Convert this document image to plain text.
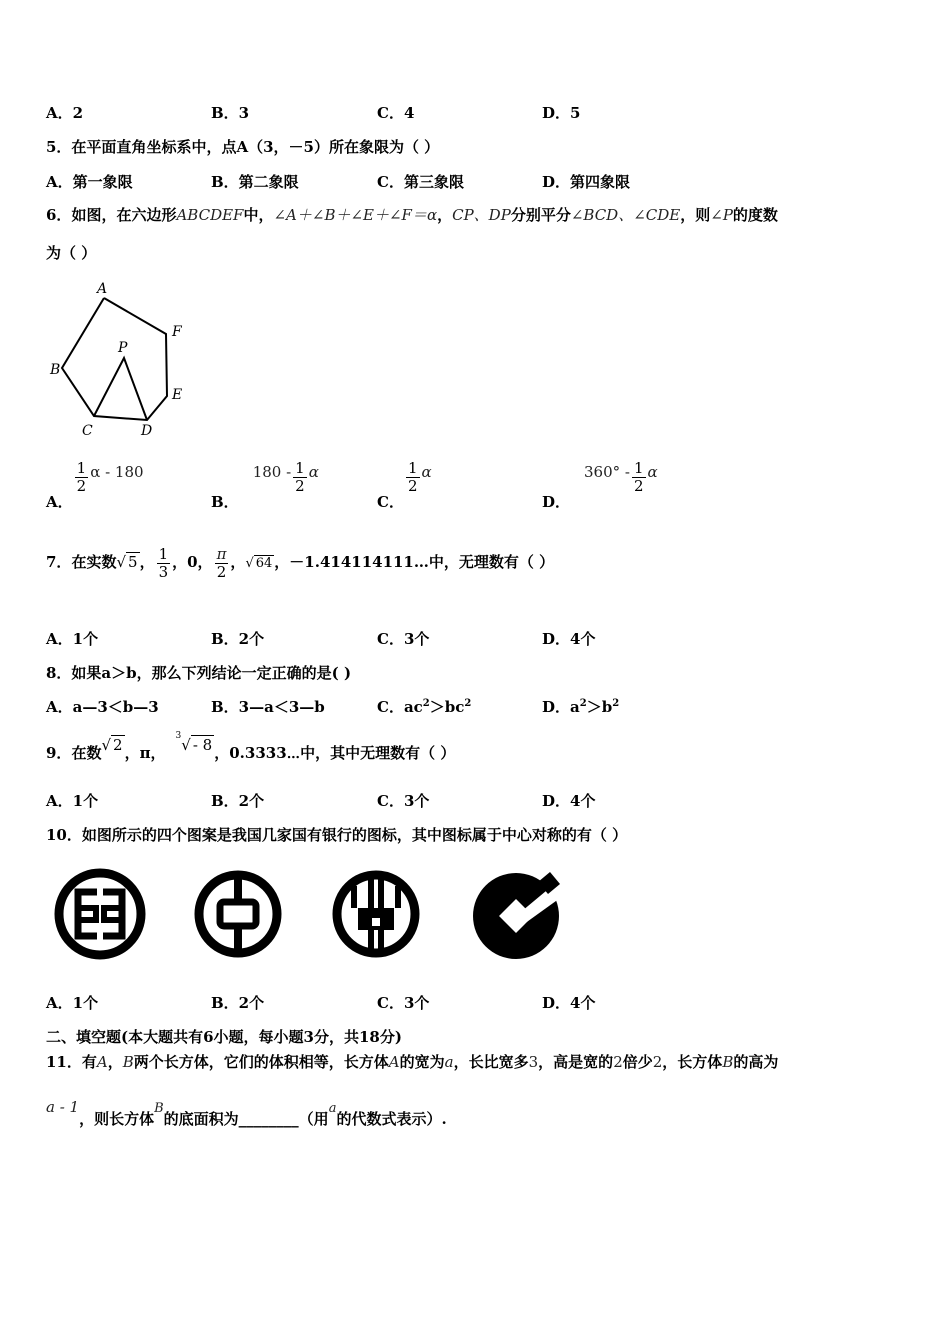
A．2	B．3	C．4	D．5
5．在平面直角坐标系中，点A（3，－5）所在象限为（ ）
A．第一象限	B．第二象限	C．第三象限	D．第四象限
6．如图，在六边形ABCDEF中，∠A＋∠B＋∠E＋∠F＝α，CP、DP分别平分∠BCD、∠CDE，则∠P的度数
为（ ）
A
F
B
P
E
C	D
A．
$\frac{1}{2}$ α - 180
B．$180 - \frac{1}{2}$ α
C．
$\frac{1}{2}$ α
D．$360^\circ - \frac{1}{2}$ α
7．在实数√ 5 ， $\frac{1}{3}$ ，0， $\frac{\pi}{2}$ ，√ 64 ，－1.414114111…中，无理数有（ ）
A．1个	B．2个	C．3个	D．4个
8．如果a＞b，那么下列结论一定正确的是( )
A．a—3＜b—3	B．3—a＜3—b	C．$ac^2>bc^2$	D．$a^2>b^2$
9．在数√ 2 ，π，$^3$√ - 8 ，0.3333⋯中，其中无理数有（ ）
A．1个	B．2个	C．3个	D．4个
10．如图所示的四个图案是我国几家国有银行的图标，其中图标属于中心对称的有（ ）
A．1个	B．2个	C．3个	D．4个
二、填空题(本大题共有6小题，每小题3分，共18分)
11．有A，B两个长方体，它们的体积相等，长方体A的宽为a，长比宽多3，高是宽的2倍少2，长方体B的高为
a - 1，则长方体B的底面积为________（用a的代数式表示）.
